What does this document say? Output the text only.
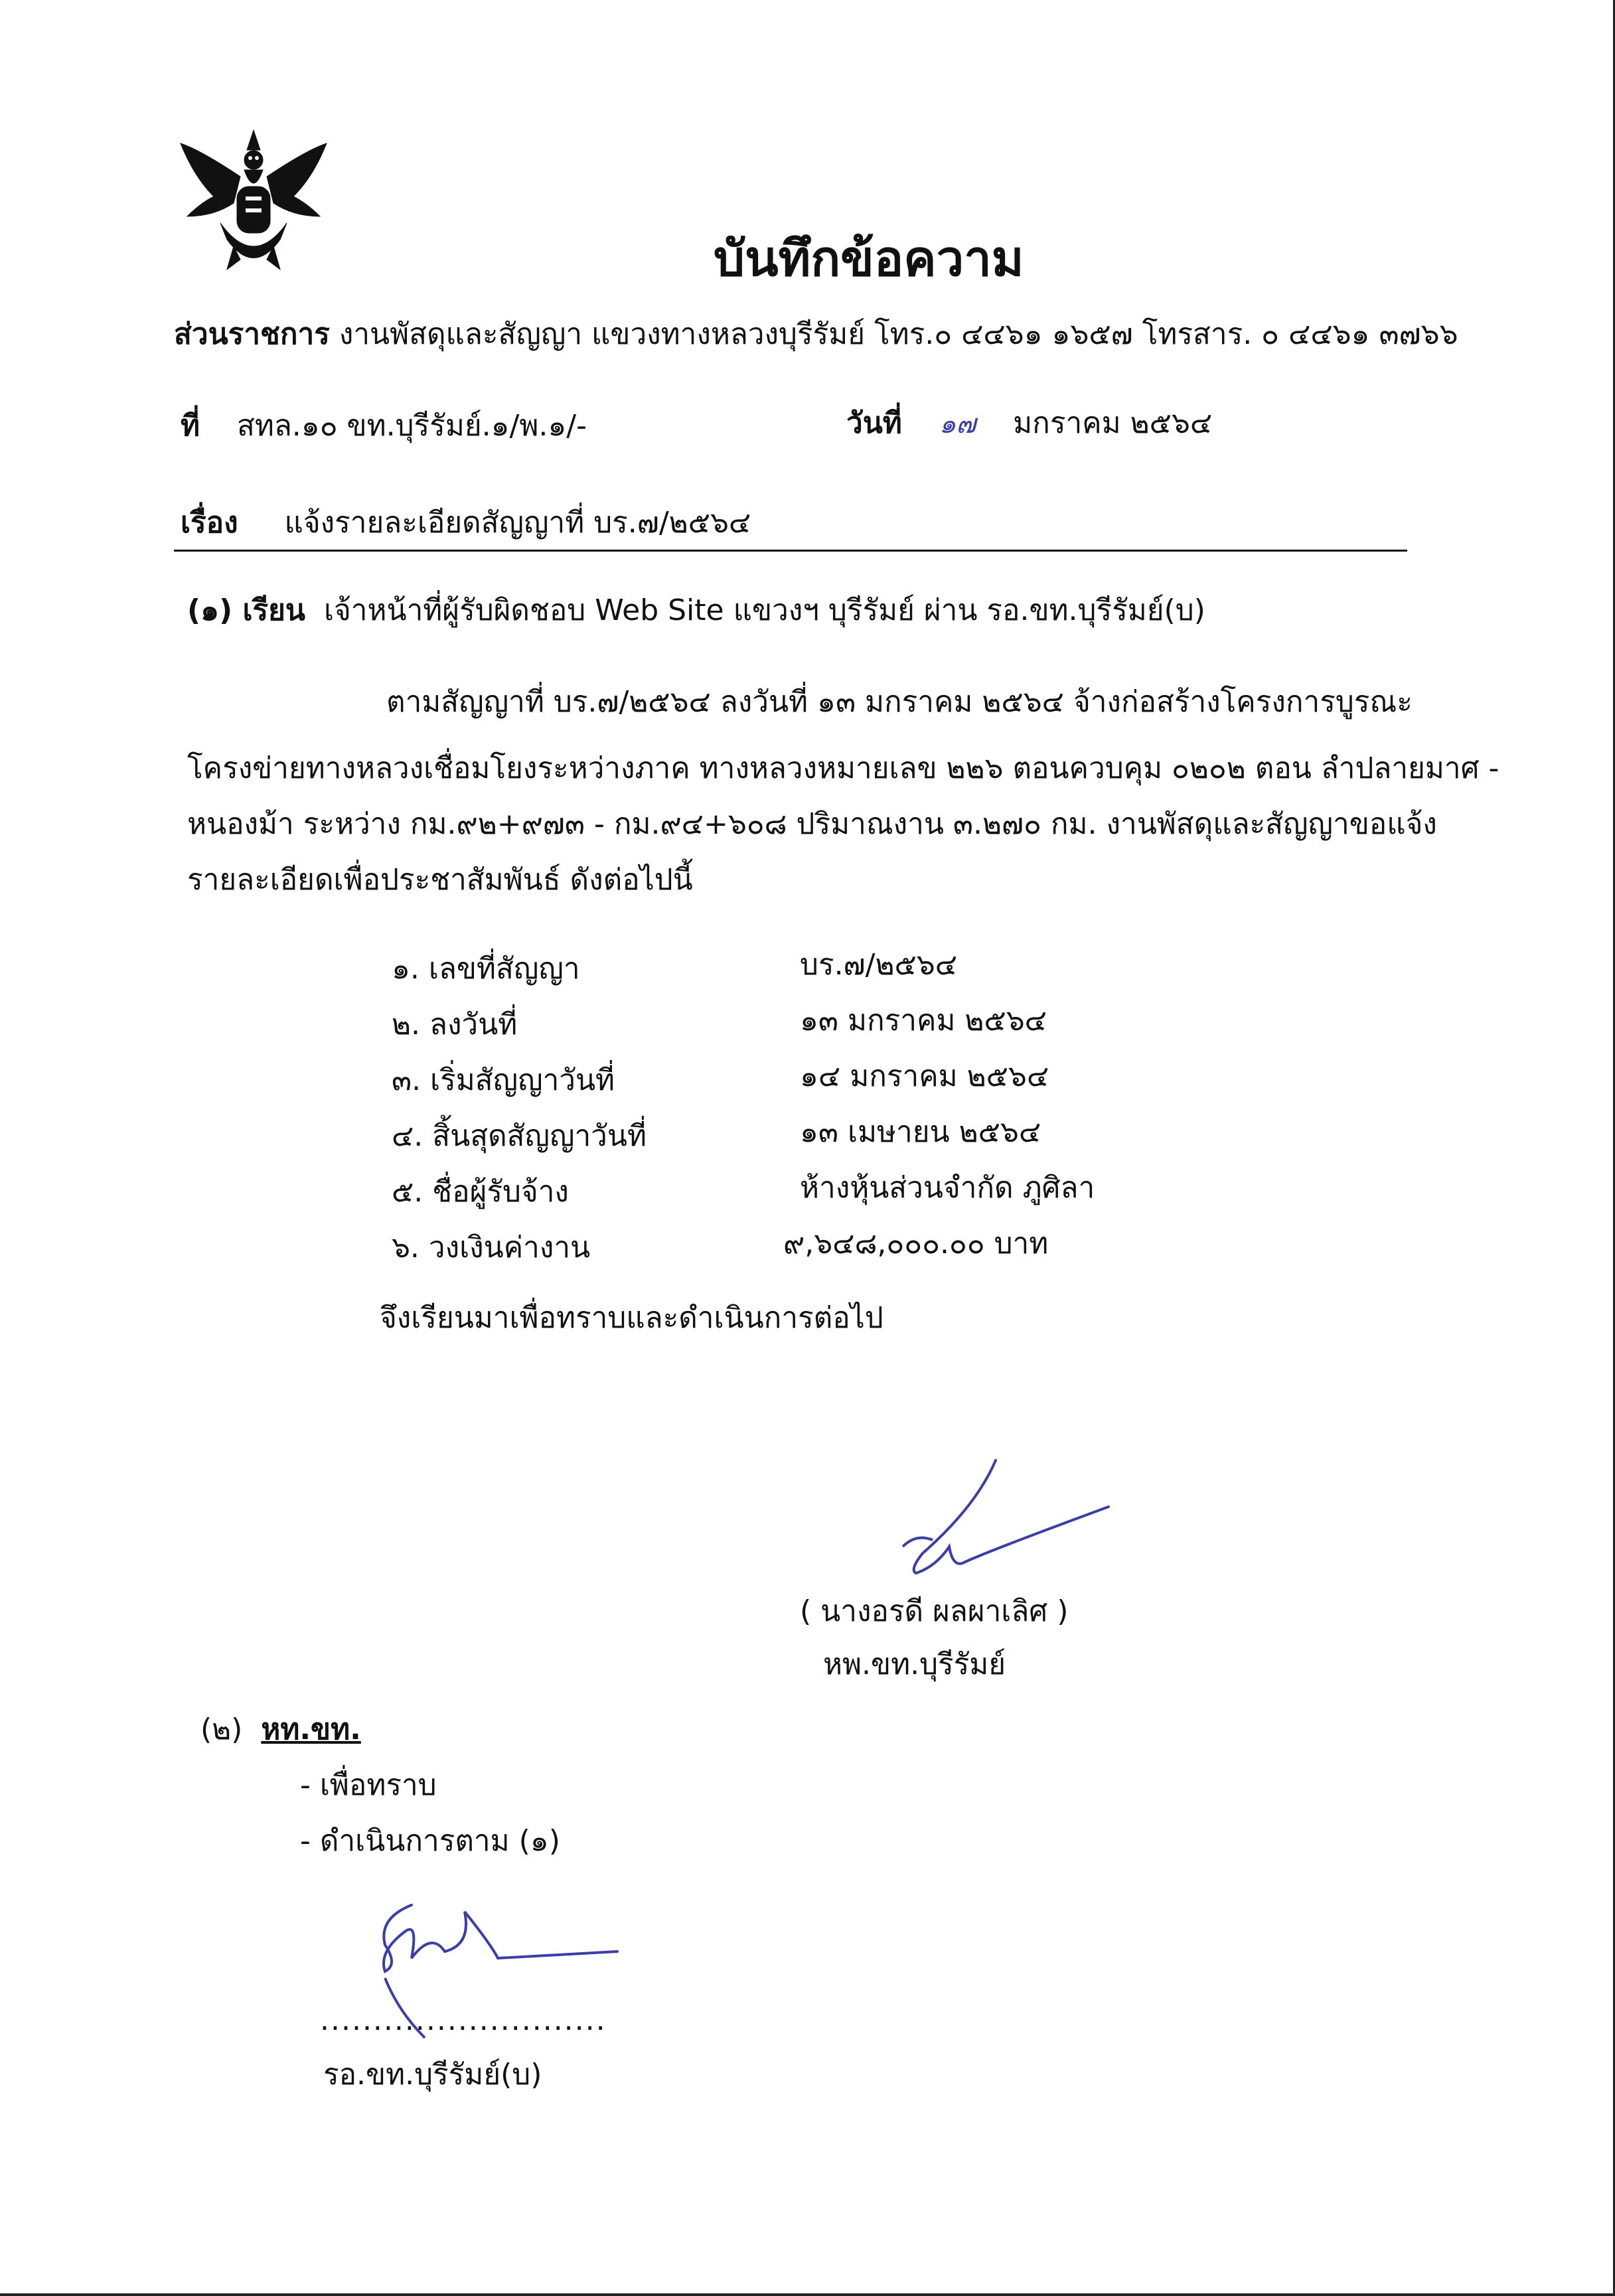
บันทึกข้อความ
ส่วนราชการ งานพัสดุและสัญญา แขวงทางหลวงบุรีรัมย์ โทร.๐ ๔๔๖๑ ๑๖๕๗ โทรสาร. ๐ ๔๔๖๑ ๓๗๖๖
ที่ สทล.๑๐ ขท.บุรีรัมย์.๑/พ.๑/-	วันที่ ๑๗ มกราคม ๒๕๖๔
เรื่อง แจ้งรายละเอียดสัญญาที่ บร.๗/๒๕๖๔
(๑) เรียน เจ้าหน้าที่ผู้รับผิดชอบ Web Site แขวงฯ บุรีรัมย์ ผ่าน รอ.ขท.บุรีรัมย์(บ)
ตามสัญญาที่ บร.๗/๒๕๖๔ ลงวันที่ ๑๓ มกราคม ๒๕๖๔ จ้างก่อสร้างโครงการบูรณะ
โครงข่ายทางหลวงเชื่อมโยงระหว่างภาค ทางหลวงหมายเลข ๒๒๖ ตอนควบคุม ๐๒๐๒ ตอน ลำปลายมาศ -
หนองม้า ระหว่าง กม.๙๒+๙๗๓ - กม.๙๔+๖๐๘ ปริมาณงาน ๓.๒๗๐ กม. งานพัสดุและสัญญาขอแจ้ง
รายละเอียดเพื่อประชาสัมพันธ์ ดังต่อไปนี้
๑. เลขที่สัญญา	บร.๗/๒๕๖๔
๒. ลงวันที่	๑๓ มกราคม ๒๕๖๔
๓. เริ่มสัญญาวันที่	๑๔ มกราคม ๒๕๖๔
๔. สิ้นสุดสัญญาวันที่	๑๓ เมษายน ๒๕๖๔
๕. ชื่อผู้รับจ้าง	ห้างหุ้นส่วนจำกัด ภูศิลา
๖. วงเงินค่างาน	๙,๖๔๘,๐๐๐.๐๐ บาท
จึงเรียนมาเพื่อทราบและดำเนินการต่อไป
( นางอรดี ผลผาเลิศ )
หพ.ขท.บุรีรัมย์
(๒) หท.ขท.
- เพื่อทราบ
- ดำเนินการตาม (๑)
...........................
รอ.ขท.บุรีรัมย์(บ)
